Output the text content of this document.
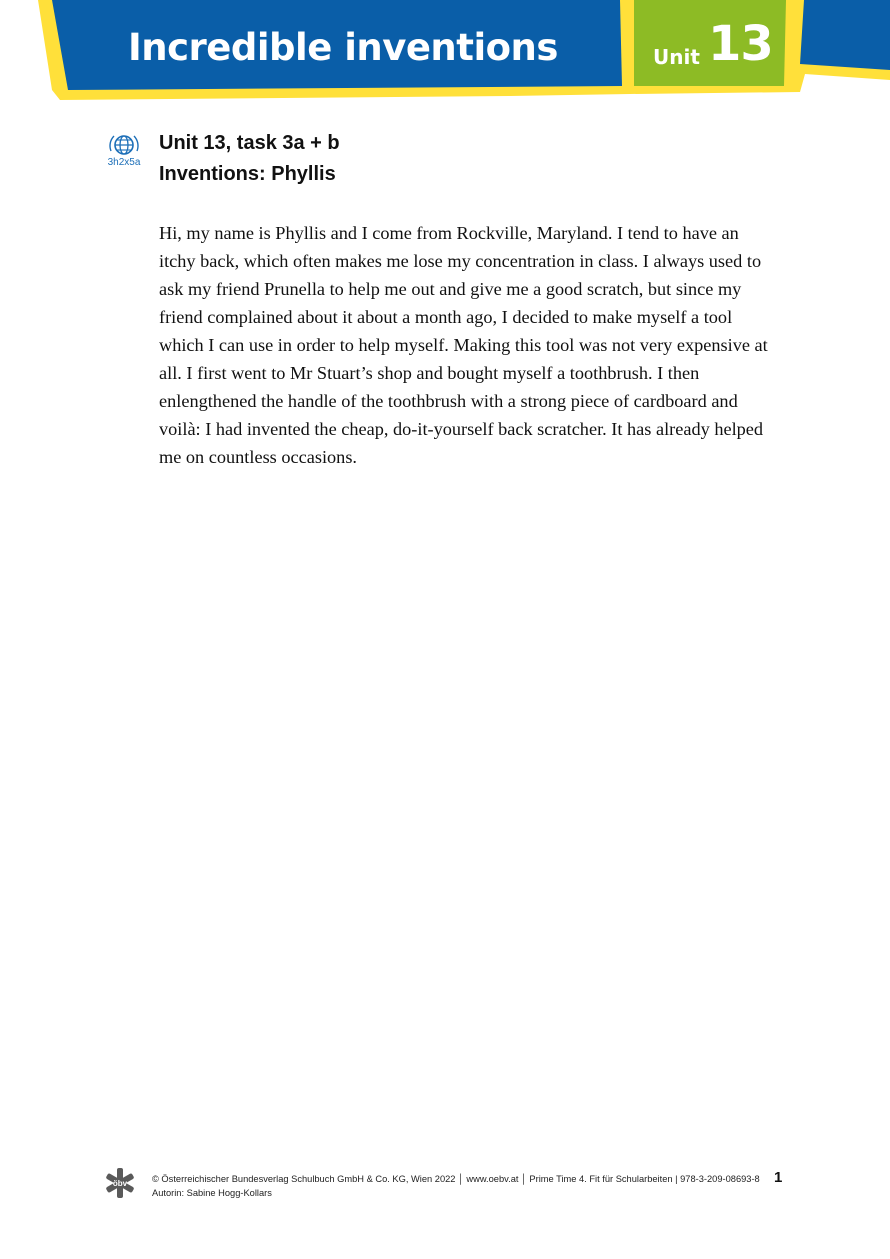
Incredible inventions	Unit 13
3h2x5a
Unit 13, task 3a + b
Inventions: Phyllis
Hi, my name is Phyllis and I come from Rockville, Maryland. I tend to have an
itchy back, which often makes me lose my concentration in class. I always used to
ask my friend Prunella to help me out and give me a good scratch, but since my
friend complained about it about a month ago, I decided to make myself a tool
which I can use in order to help myself. Making this tool was not very expensive at
all. I first went to Mr Stuart’s shop and bought myself a toothbrush. I then
enlengthened the handle of the toothbrush with a strong piece of cardboard and
voilà: I had invented the cheap, do-it-yourself back scratcher. It has already helped
me on countless occasions.
öbv	© Österreichischer Bundesverlag Schulbuch GmbH & Co. KG, Wien 2022 │ www.oebv.at │ Prime Time 4. Fit für Schularbeiten | 978-3-209-08693-8
Autorin: Sabine Hogg-Kollars
1
